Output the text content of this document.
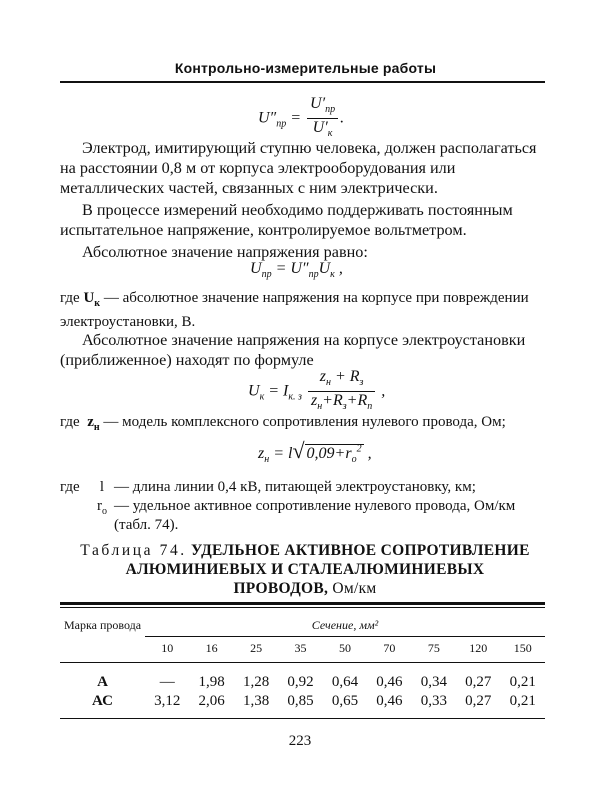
Контрольно-измерительные работы
$U''_{пр} = \frac{U'_{пр}}{U'_к}$ .

Электрод, имитирующий ступню человека, должен располагаться на расстоянии 0,8 м от корпуса электрооборудования или металлических частей, связанных с ним электрически.

В процессе измерений необходимо поддерживать постоянным испытательное напряжение, контролируемое вольтметром.

Абсолютное значение напряжения равно:

$U_{пр} = U''_{пр}U_к$ ,
где $U_к$ — абсолютное значение напряжения на корпусе при повреждении электроустановки, В.

Абсолютное значение напряжения на корпусе электроустановки (приближенное) находят по формуле

$U_к = I_{к. з} \frac{z_н + R_з}{z_н+R_з+R_п}$ ,
где $z_н$ — модель комплексного сопротивления нулевого провода, Ом;
$z_н = l√$ $0,09+r_o^2$ ,
где	l — длина линии 0,4 кВ, питающей электроустановку, км;
$r_о$ — удельное активное сопротивление нулевого провода, Ом/км (табл. 74).
Таблица 74. УДЕЛЬНОЕ АКТИВНОЕ СОПРОТИВЛЕНИЕ
АЛЮМИНИЕВЫХ И СТАЛЕАЛЮМИНИЕВЫХ
ПРОВОДОВ, Ом/км
Марка провода	Сечение, мм²
10	16	25	35	50	70	75	120	150
А	—	1,98	1,28	0,92	0,64	0,46	0,34	0,27	0,21
АС	3,12	2,06	1,38	0,85	0,65	0,46	0,33	0,27	0,21
223
